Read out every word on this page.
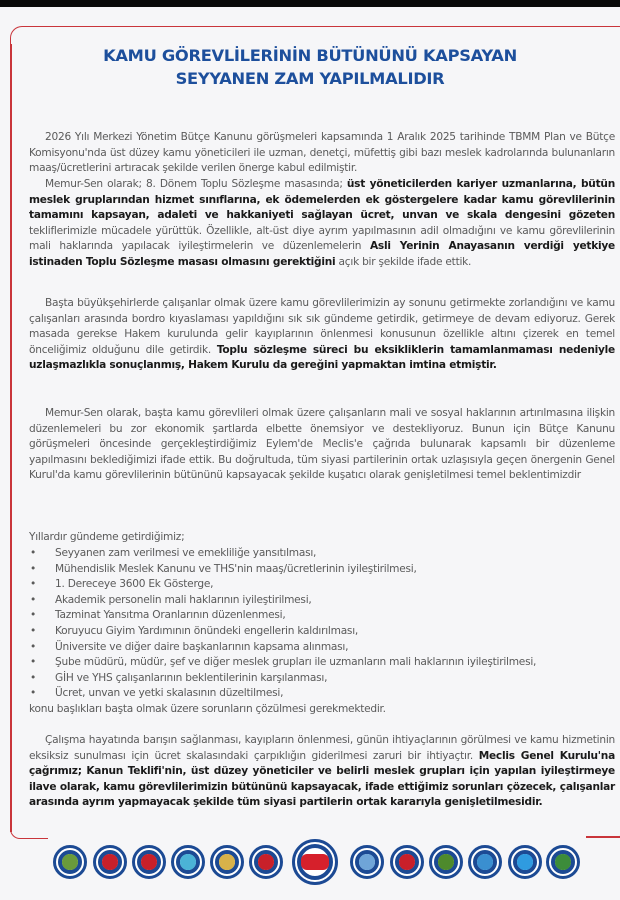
KAMU GÖREVLİLERİNİN BÜTÜNÜNÜ KAPSAYAN
SEYYANEN ZAM YAPILMALIDIR

2026 Yılı Merkezi Yönetim Bütçe Kanunu görüşmeleri kapsamında 1 Aralık 2025 tarihinde TBMM Plan ve Bütçe Komisyonu'nda üst düzey kamu yöneticileri ile uzman, denetçi, müfettiş gibi bazı meslek kadrolarında bulunanların maaş/ücretlerini artıracak şekilde verilen önerge kabul edilmiştir.

Memur-Sen olarak; 8. Dönem Toplu Sözleşme masasında; üst yöneticilerden kariyer uzmanlarına, bütün meslek gruplarından hizmet sınıflarına, ek ödemelerden ek göstergelere kadar kamu görevlilerinin tamamını kapsayan, adaleti ve hakkaniyeti sağlayan ücret, unvan ve skala dengesini gözeten tekliflerimizle mücadele yürüttük. Özellikle, alt-üst diye ayrım yapılmasının adil olmadığını ve kamu görevlilerinin mali haklarında yapılacak iyileştirmelerin ve düzenlemelerin Asli Yerinin Anayasanın verdiği yetkiye istinaden Toplu Sözleşme masası olmasını gerektiğini açık bir şekilde ifade ettik.

Başta büyükşehirlerde çalışanlar olmak üzere kamu görevlilerimizin ay sonunu getirmekte zorlandığını ve kamu çalışanları arasında bordro kıyaslaması yapıldığını sık sık gündeme getirdik, getirmeye de devam ediyoruz. Gerek masada gerekse Hakem kurulunda gelir kayıplarının önlenmesi konusunun özellikle altını çizerek en temel önceliğimiz olduğunu dile getirdik. Toplu sözleşme süreci bu eksikliklerin tamamlanmaması nedeniyle uzlaşmazlıkla sonuçlanmış, Hakem Kurulu da gereğini yapmaktan imtina etmiştir.

Memur-Sen olarak, başta kamu görevlileri olmak üzere çalışanların mali ve sosyal haklarının artırılmasına ilişkin düzenlemeleri bu zor ekonomik şartlarda elbette önemsiyor ve destekliyoruz. Bunun için Bütçe Kanunu görüşmeleri öncesinde gerçekleştirdiğimiz Eylem'de Meclis'e çağrıda bulunarak kapsamlı bir düzenleme yapılmasını beklediğimizi ifade ettik. Bu doğrultuda, tüm siyasi partilerinin ortak uzlaşısıyla geçen önergenin Genel Kurul'da kamu görevlilerinin bütününü kapsayacak şekilde kuşatıcı olarak genişletilmesi temel beklentimizdir

Yıllardır gündeme getirdiğimiz;
• Seyyanen zam verilmesi ve emekliliğe yansıtılması,
• Mühendislik Meslek Kanunu ve THS'nin maaş/ücretlerinin iyileştirilmesi,
• 1. Dereceye 3600 Ek Gösterge,
• Akademik personelin mali haklarının iyileştirilmesi,
• Tazminat Yansıtma Oranlarının düzenlenmesi,
• Koruyucu Giyim Yardımının önündeki engellerin kaldırılması,
• Üniversite ve diğer daire başkanlarının kapsama alınması,
• Şube müdürü, müdür, şef ve diğer meslek grupları ile uzmanların mali haklarının iyileştirilmesi,
• GİH ve YHS çalışanlarının beklentilerinin karşılanması,
• Ücret, unvan ve yetki skalasının düzeltilmesi,
konu başlıkları başta olmak üzere sorunların çözülmesi gerekmektedir.

Çalışma hayatında barışın sağlanması, kayıpların önlenmesi, günün ihtiyaçlarının görülmesi ve kamu hizmetinin eksiksiz sunulması için ücret skalasındaki çarpıklığın giderilmesi zaruri bir ihtiyaçtır. Meclis Genel Kurulu'na çağrımız; Kanun Teklifi'nin, üst düzey yöneticiler ve belirli meslek grupları için yapılan iyileştirmeye ilave olarak, kamu görevlilerimizin bütününü kapsayacak, ifade ettiğimiz sorunları çözecek, çalışanlar arasında ayrım yapmayacak şekilde tüm siyasi partilerin ortak kararıyla genişletilmesidir.
